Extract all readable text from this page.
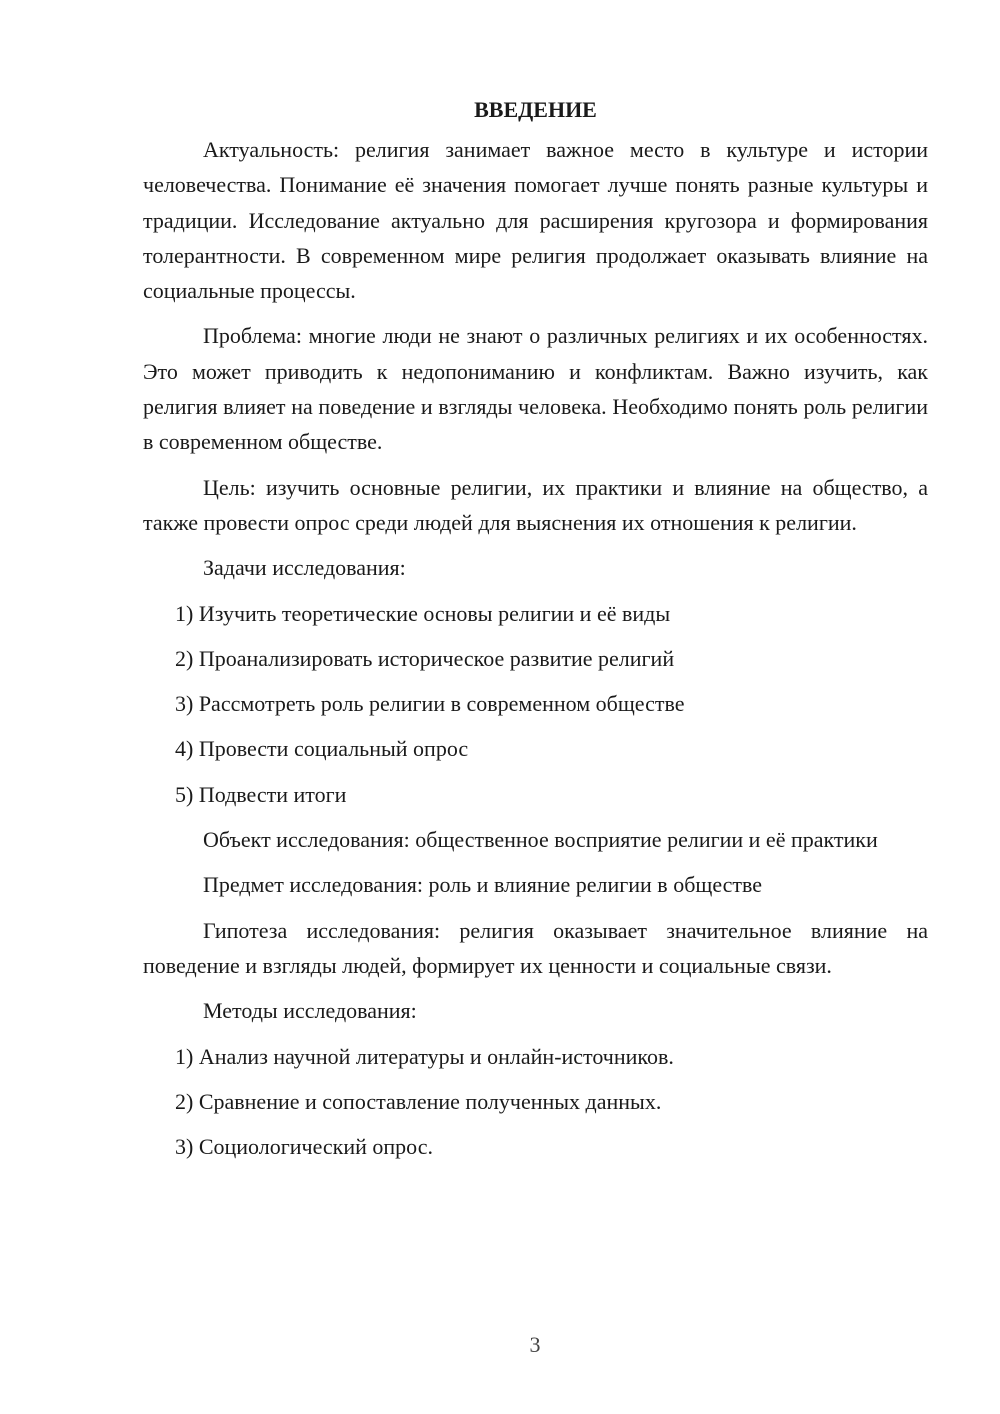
ВВЕДЕНИЕ

Актуальность: религия занимает важное место в культуре и истории человечества. Понимание её значения помогает лучше понять разные культуры и традиции. Исследование актуально для расширения кругозора и формирования толерантности. В современном мире религия продолжает оказывать влияние на социальные процессы.

Проблема: многие люди не знают о различных религиях и их особенностях. Это может приводить к недопониманию и конфликтам. Важно изучить, как религия влияет на поведение и взгляды человека. Необходимо понять роль религии в современном обществе.

Цель: изучить основные религии, их практики и влияние на общество, а также провести опрос среди людей для выяснения их отношения к религии.

Задачи исследования:

1) Изучить теоретические основы религии и её виды
2) Проанализировать историческое развитие религий
3) Рассмотреть роль религии в современном обществе
4) Провести социальный опрос
5) Подвести итоги

Объект исследования: общественное восприятие религии и её практики

Предмет исследования: роль и влияние религии в обществе

Гипотеза исследования: религия оказывает значительное влияние на поведение и взгляды людей, формирует их ценности и социальные связи.

Методы исследования:

1) Анализ научной литературы и онлайн-источников.
2) Сравнение и сопоставление полученных данных.
3) Социологический опрос.
3
